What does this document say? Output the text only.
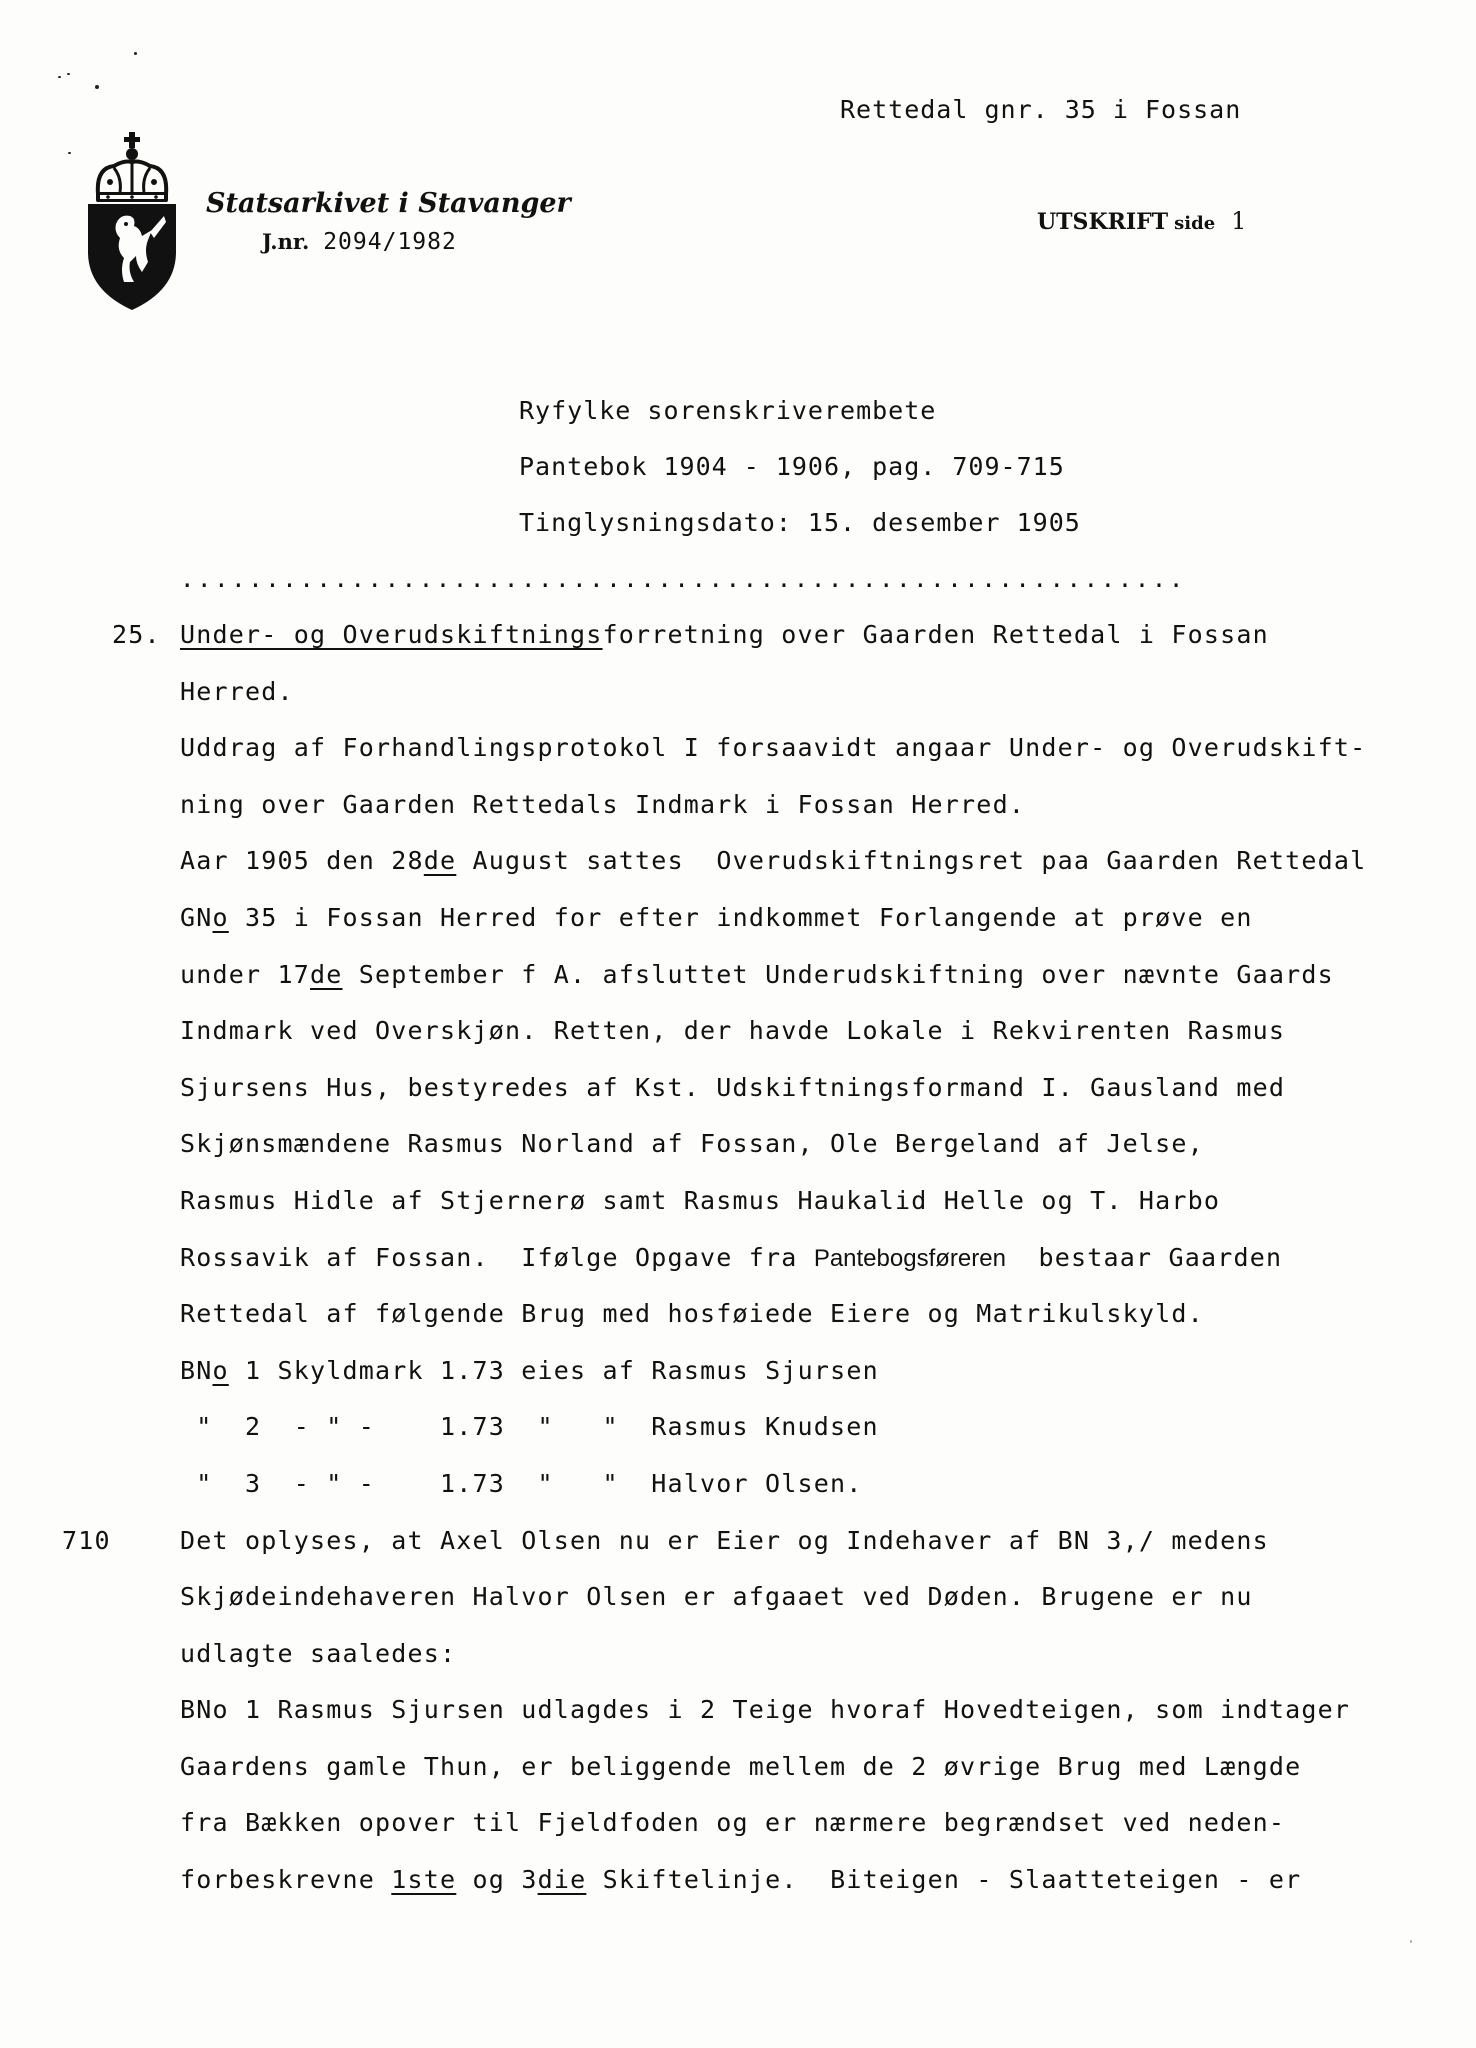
Rettedal gnr. 35 i Fossan
Statsarkivet i Stavanger
J.nr. 2094/1982
UTSKRIFT side 1
Ryfylke sorenskriverembete
Pantebok 1904 - 1906, pag. 709-715
Tinglysningsdato: 15. desember 1905
...........................................................
25. Under- og Overudskiftningsforretning over Gaarden Rettedal i Fossan
Herred.
Uddrag af Forhandlingsprotokol I forsaavidt angaar Under- og Overudskift-
ning over Gaarden Rettedals Indmark i Fossan Herred.
Aar 1905 den 28de August sattes  Overudskiftningsret paa Gaarden Rettedal
GNo 35 i Fossan Herred for efter indkommet Forlangende at prøve en
under 17de September f A. afsluttet Underudskiftning over nævnte Gaards
Indmark ved Overskjøn. Retten, der havde Lokale i Rekvirenten Rasmus
Sjursens Hus, bestyredes af Kst. Udskiftningsformand I. Gausland med
Skjønsmændene Rasmus Norland af Fossan, Ole Bergeland af Jelse,
Rasmus Hidle af Stjernerø samt Rasmus Haukalid Helle og T. Harbo
Rossavik af Fossan.  Ifølge Opgave fra Pantebogsføreren  bestaar Gaarden
Rettedal af følgende Brug med hosføiede Eiere og Matrikulskyld.
BNo 1 Skyldmark 1.73 eies af Rasmus Sjursen
"  2  - " -    1.73  "   "  Rasmus Knudsen
"  3  - " -    1.73  "   "  Halvor Olsen.
710	Det oplyses, at Axel Olsen nu er Eier og Indehaver af BN 3,/ medens
Skjødeindehaveren Halvor Olsen er afgaaet ved Døden. Brugene er nu
udlagte saaledes:
BNo 1 Rasmus Sjursen udlagdes i 2 Teige hvoraf Hovedteigen, som indtager
Gaardens gamle Thun, er beliggende mellem de 2 øvrige Brug med Længde
fra Bækken opover til Fjeldfoden og er nærmere begrændset ved neden-
forbeskrevne 1ste og 3die Skiftelinje.  Biteigen - Slaatteteigen - er
